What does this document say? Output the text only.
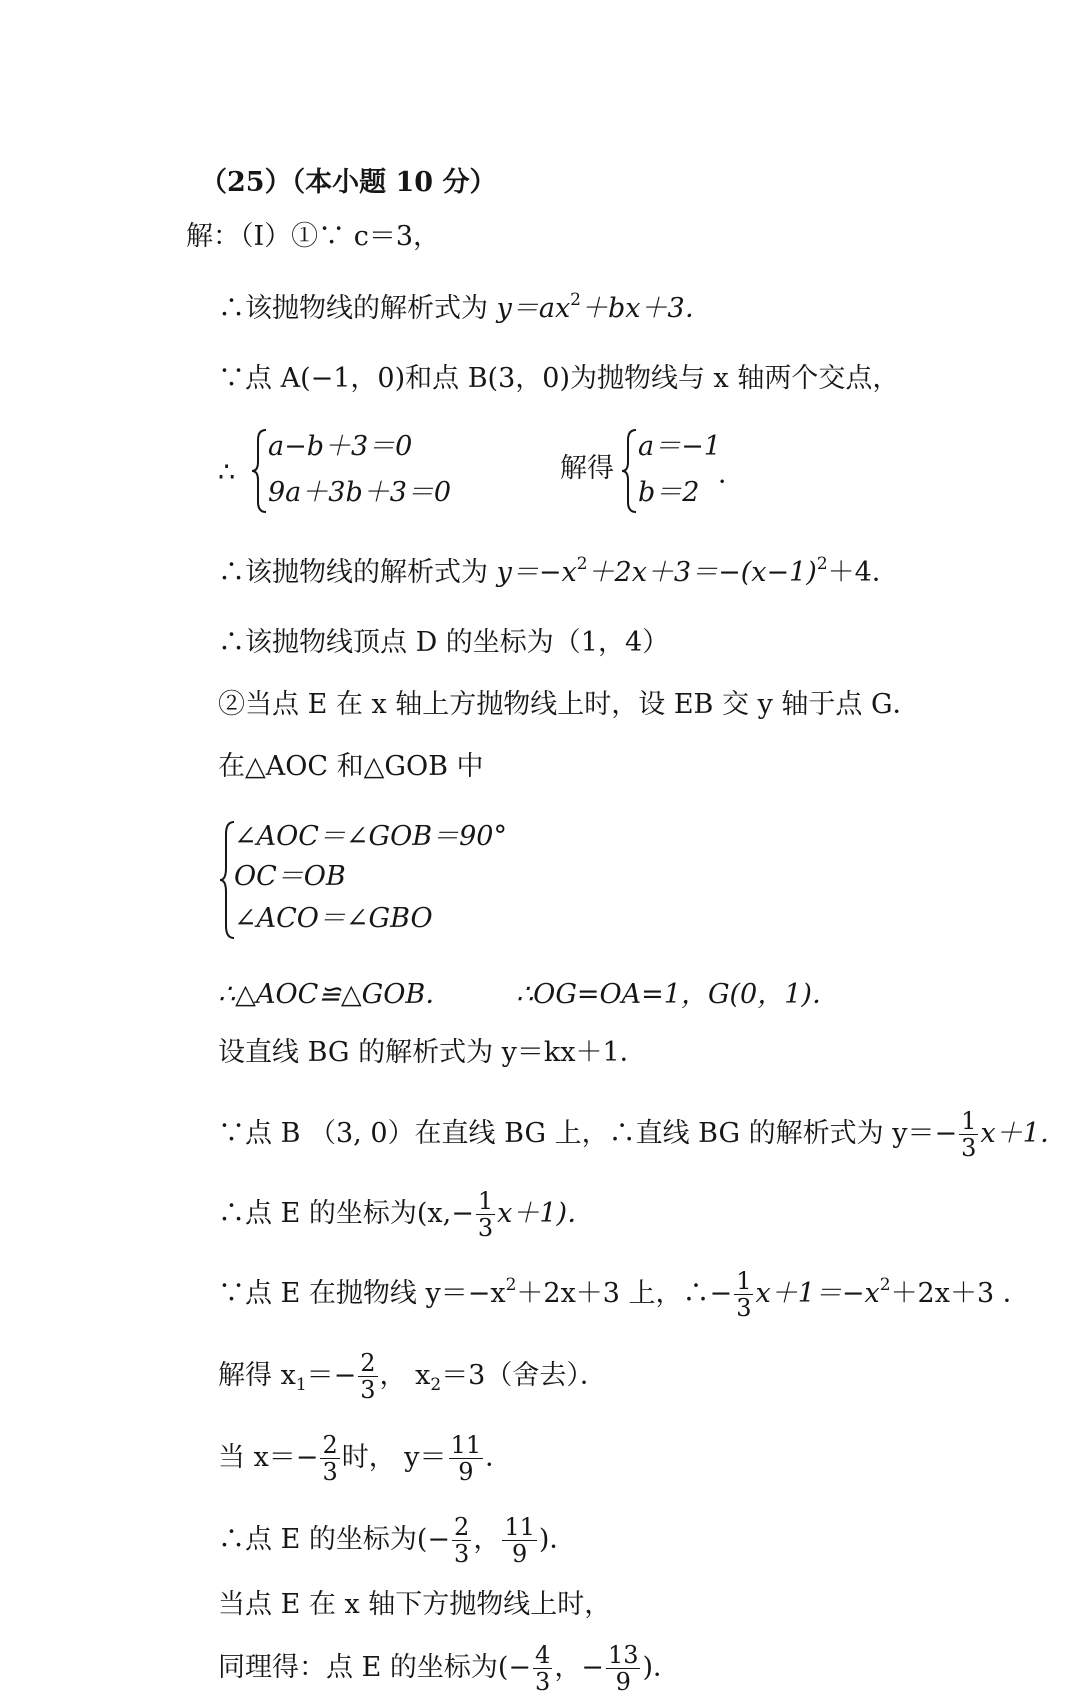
（25）（本小题 10 分）
解：（Ⅰ）①∵ c＝3，
∴该抛物线的解析式为 $y=ax^2+bx+3$．
∵点 A(−1，0)和点 B(3，0)为抛物线与 x 轴两个交点，
∴
a−b＋3＝0
9a＋3b＋3＝0
解得
a＝−1
b＝2
．
∴该抛物线的解析式为 $y=-x^2+2x+3=-(x-1)^2+4$．
∴该抛物线顶点 D 的坐标为（1，4）
②当点 E 在 x 轴上方抛物线上时，设 EB 交 y 轴于点 G．
在△AOC 和△GOB 中
∠AOC＝∠GOB＝90°
OC＝OB
∠ACO＝∠GBO
∴△AOC≌△GOB． ∴OG=OA=1，G(0，1)．
设直线 BG 的解析式为 y＝kx＋1．
∵点 B （3, 0）在直线 BG 上，∴直线 BG 的解析式为 $y=- \frac{1}{3} x+1$．
∴点 E 的坐标为$(x,- \frac{1}{3} x+1)$．
∵点 E 在抛物线 $y=-x^2+2x+3$ 上，∴− $\frac{1}{3} x+1=-x^2+2x+3$ ．
解得 $x_1=- \frac{2}{3}$ ， $x_2=3$（舍去）．
当 $x=- \frac{2}{3}$ 时， $y= \frac{11}{9}$ ．
∴点 E 的坐标为(− $\frac{2}{3}$ ， $\frac{11}{9}$ )．
当点 E 在 x 轴下方抛物线上时，
同理得：点 E 的坐标为(− $\frac{4}{3}$ ，− $\frac{13}{9}$ )．
